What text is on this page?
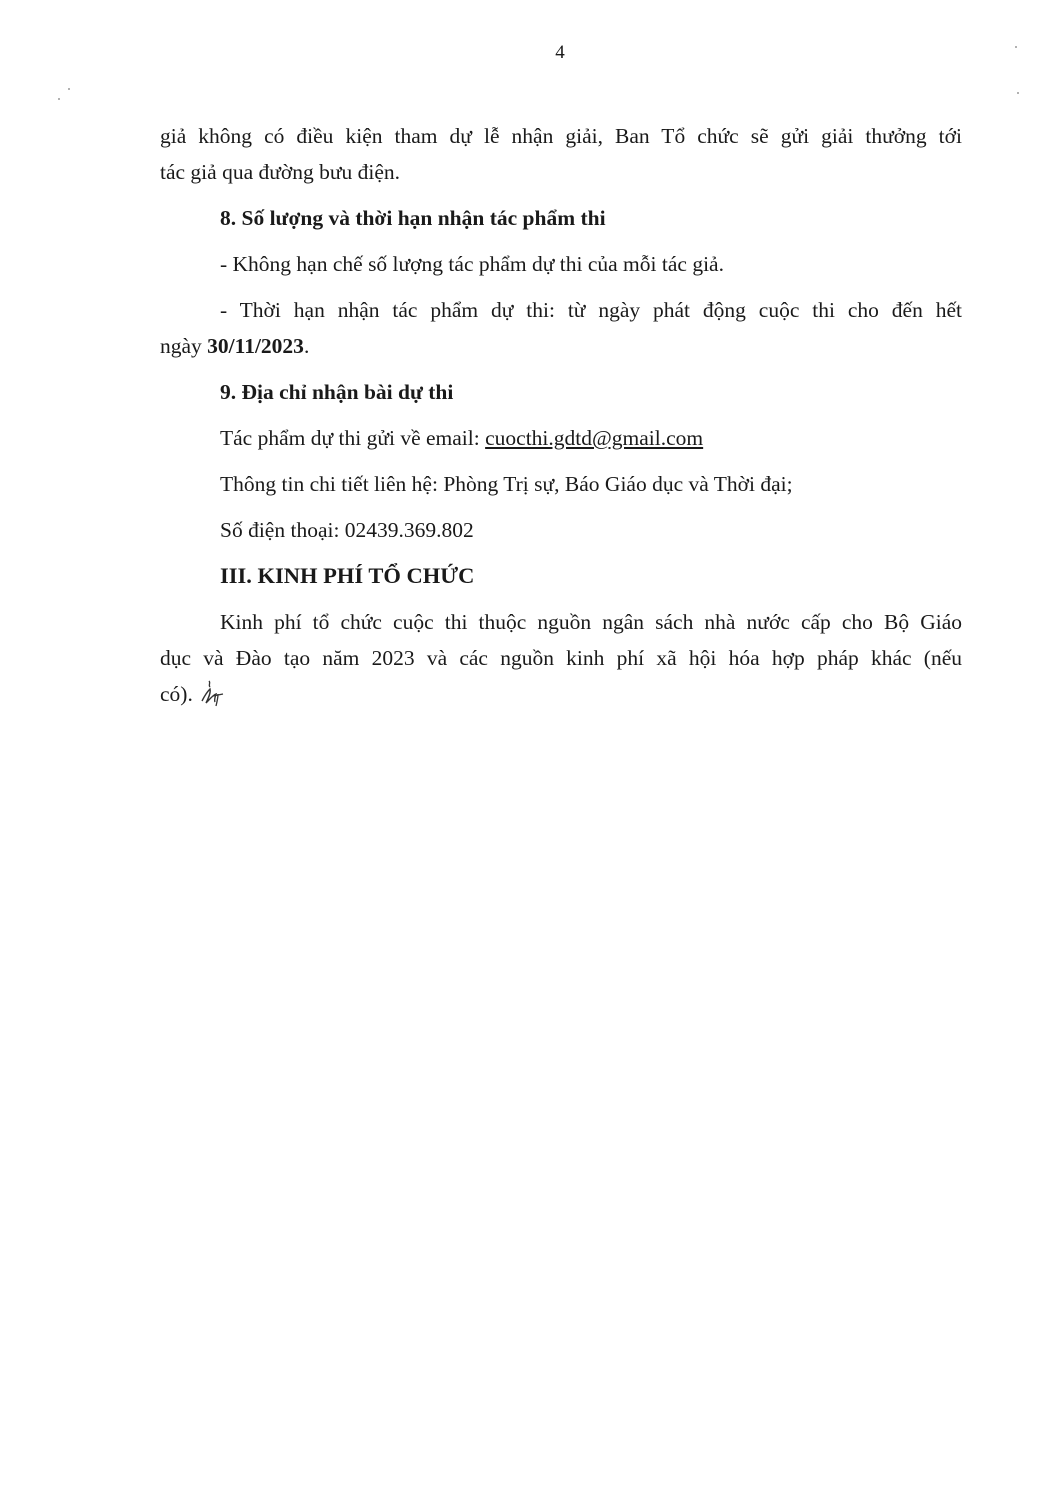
4

giả không có điều kiện tham dự lễ nhận giải, Ban Tổ chức sẽ gửi giải thưởng tới

tác giả qua đường bưu điện.

8. Số lượng và thời hạn nhận tác phẩm thi

- Không hạn chế số lượng tác phẩm dự thi của mỗi tác giả.

- Thời hạn nhận tác phẩm dự thi: từ ngày phát động cuộc thi cho đến hết

ngày 30/11/2023.

9. Địa chỉ nhận bài dự thi

Tác phẩm dự thi gửi về email: cuocthi.gdtd@gmail.com

Thông tin chi tiết liên hệ: Phòng Trị sự, Báo Giáo dục và Thời đại;

Số điện thoại: 02439.369.802

III. KINH PHÍ TỔ CHỨC

Kinh phí tổ chức cuộc thi thuộc nguồn ngân sách nhà nước cấp cho Bộ Giáo

dục và Đào tạo năm 2023 và các nguồn kinh phí xã hội hóa hợp pháp khác (nếu

có).
